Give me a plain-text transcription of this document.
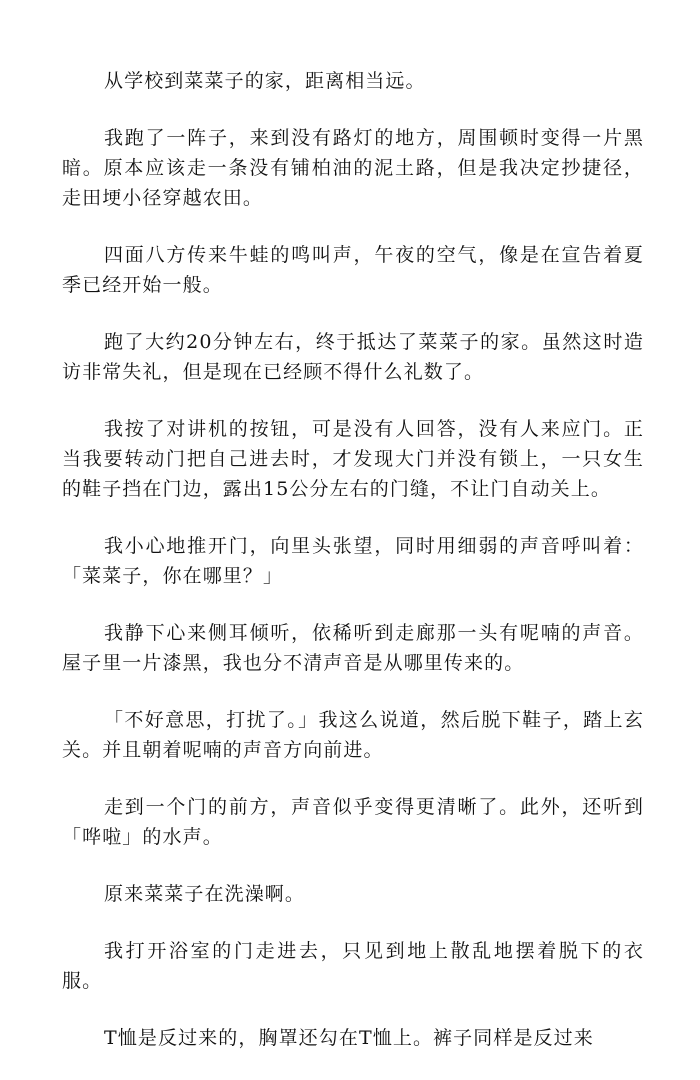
从学校到菜菜子的家，距离相当远。

我跑了一阵子，来到没有路灯的地方，周围顿时变得一片黑暗。原本应该走一条没有铺柏油的泥土路，但是我决定抄捷径，走田埂小径穿越农田。

四面八方传来牛蛙的鸣叫声，午夜的空气，像是在宣告着夏季已经开始一般。

跑了大约20分钟左右，终于抵达了菜菜子的家。虽然这时造访非常失礼，但是现在已经顾不得什么礼数了。

我按了对讲机的按钮，可是没有人回答，没有人来应门。正当我要转动门把自己进去时，才发现大门并没有锁上，一只女生的鞋子挡在门边，露出15公分左右的门缝，不让门自动关上。

我小心地推开门，向里头张望，同时用细弱的声音呼叫着：「菜菜子，你在哪里？」

我静下心来侧耳倾听，依稀听到走廊那一头有呢喃的声音。屋子里一片漆黑，我也分不清声音是从哪里传来的。

「不好意思，打扰了。」我这么说道，然后脱下鞋子，踏上玄关。并且朝着呢喃的声音方向前进。

走到一个门的前方，声音似乎变得更清晰了。此外，还听到「哗啦」的水声。

原来菜菜子在洗澡啊。

我打开浴室的门走进去，只见到地上散乱地摆着脱下的衣服。

T恤是反过来的，胸罩还勾在T恤上。裤子同样是反过来
